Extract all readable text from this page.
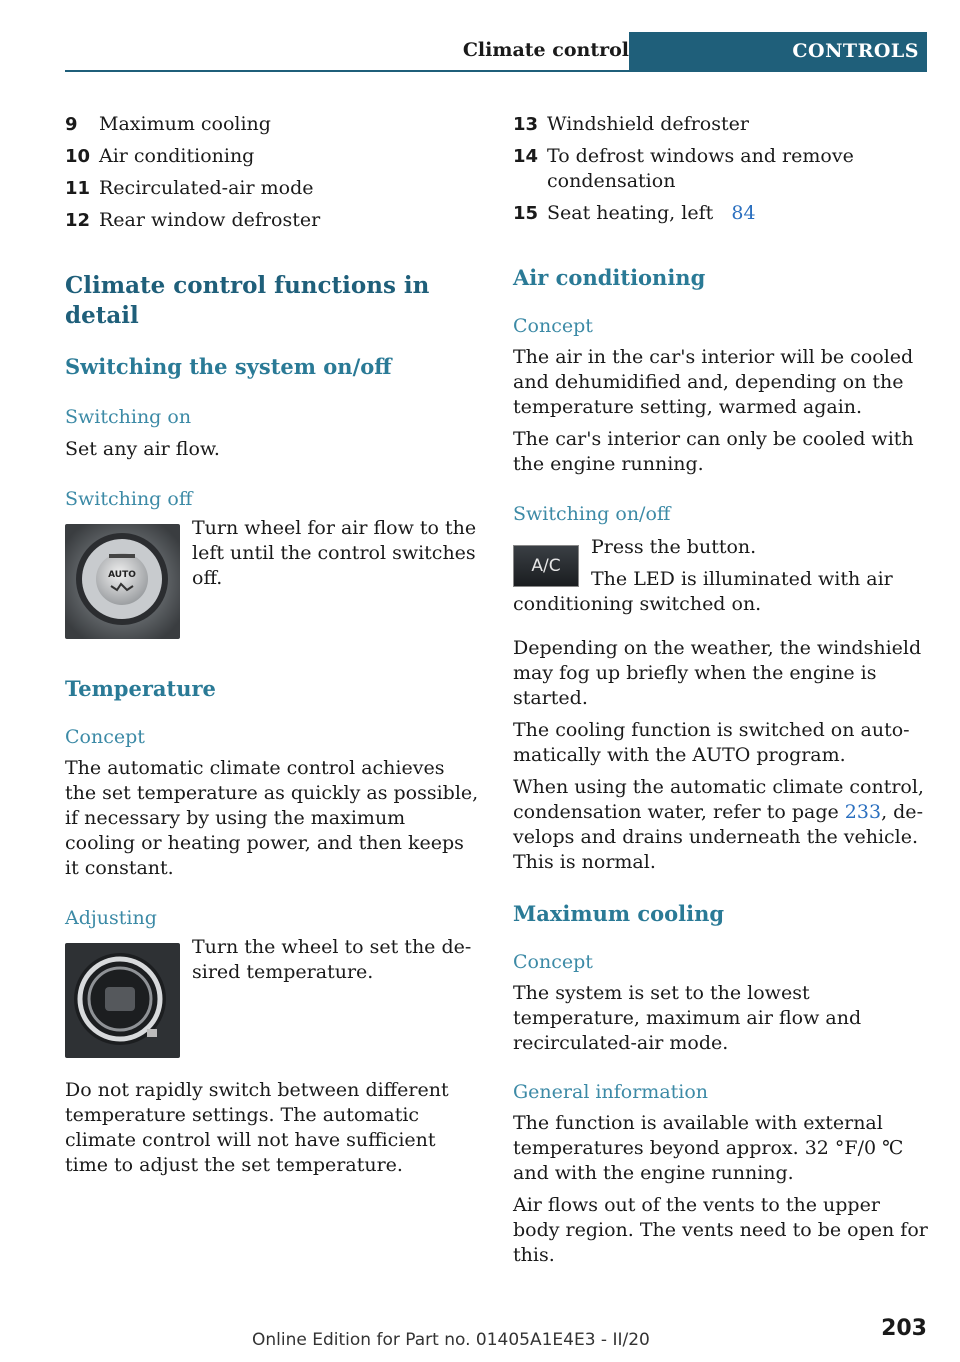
Climate control	CONTROLS
9 Maximum cooling
10 Air conditioning
11 Recirculated-air mode
12 Rear window defroster
Climate control functions in detail
Switching the system on/off
Switching on

Set any air flow.

Switching off
AUTO

Turn wheel for air flow to the left until the control switches off.

Temperature
Concept

The automatic climate control achieves the set temperature as quickly as possible, if necessary by using the maximum cooling or heating power, and then keeps it constant.

Adjusting

Turn the wheel to set the desired temperature.

Do not rapidly switch between different temperature settings. The automatic climate control will not have sufficient time to adjust the set temperature.

13 Windshield defroster
14 To defrost windows and remove condensation
15 Seat heating, left 84
Air conditioning
Concept

The air in the car's interior will be cooled and dehumidified and, depending on the temperature setting, warmed again.

The car's interior can only be cooled with the engine running.

Switching on/off
A/C

Press the button.

The LED is illuminated with air conditioning switched on.

Depending on the weather, the windshield may fog up briefly when the engine is started.

The cooling function is switched on automatically with the AUTO program.

When using the automatic climate control, condensation water, refer to page 233, develops and drains underneath the vehicle. This is normal.

Maximum cooling
Concept

The system is set to the lowest temperature, maximum air flow and recirculated-air mode.

General information

The function is available with external temperatures beyond approx. 32 °F/0 ℃ and with the engine running.

Air flows out of the vents to the upper body region. The vents need to be open for this.

Online Edition for Part no. 01405A1E4E3 - II/20	203
